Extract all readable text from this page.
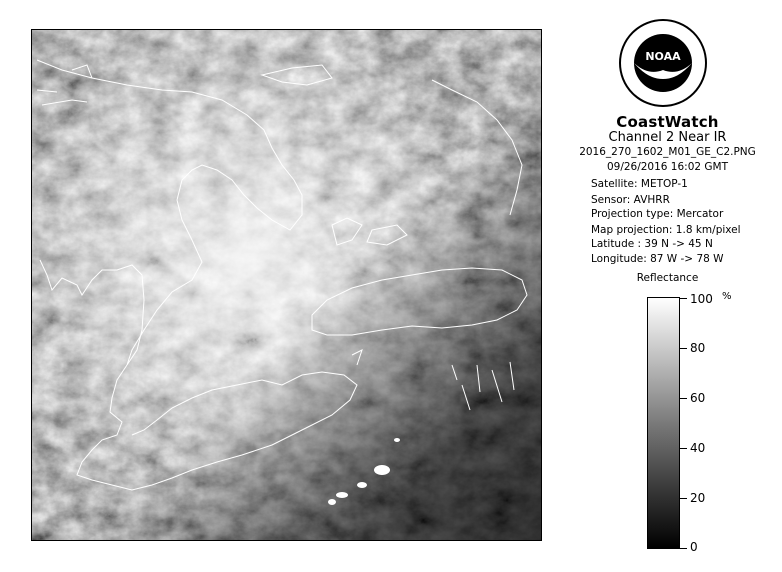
NOAA
CoastWatch
Channel 2 Near IR
2016_270_1602_M01_GE_C2.PNG
09/26/2016 16:02 GMT
Satellite: METOP-1
Sensor: AVHRR
Projection type: Mercator
Map projection: 1.8 km/pixel
Latitude : 39 N -> 45 N
Longitude: 87 W -> 78 W
Reflectance
%
100
80
60
40
20
0
